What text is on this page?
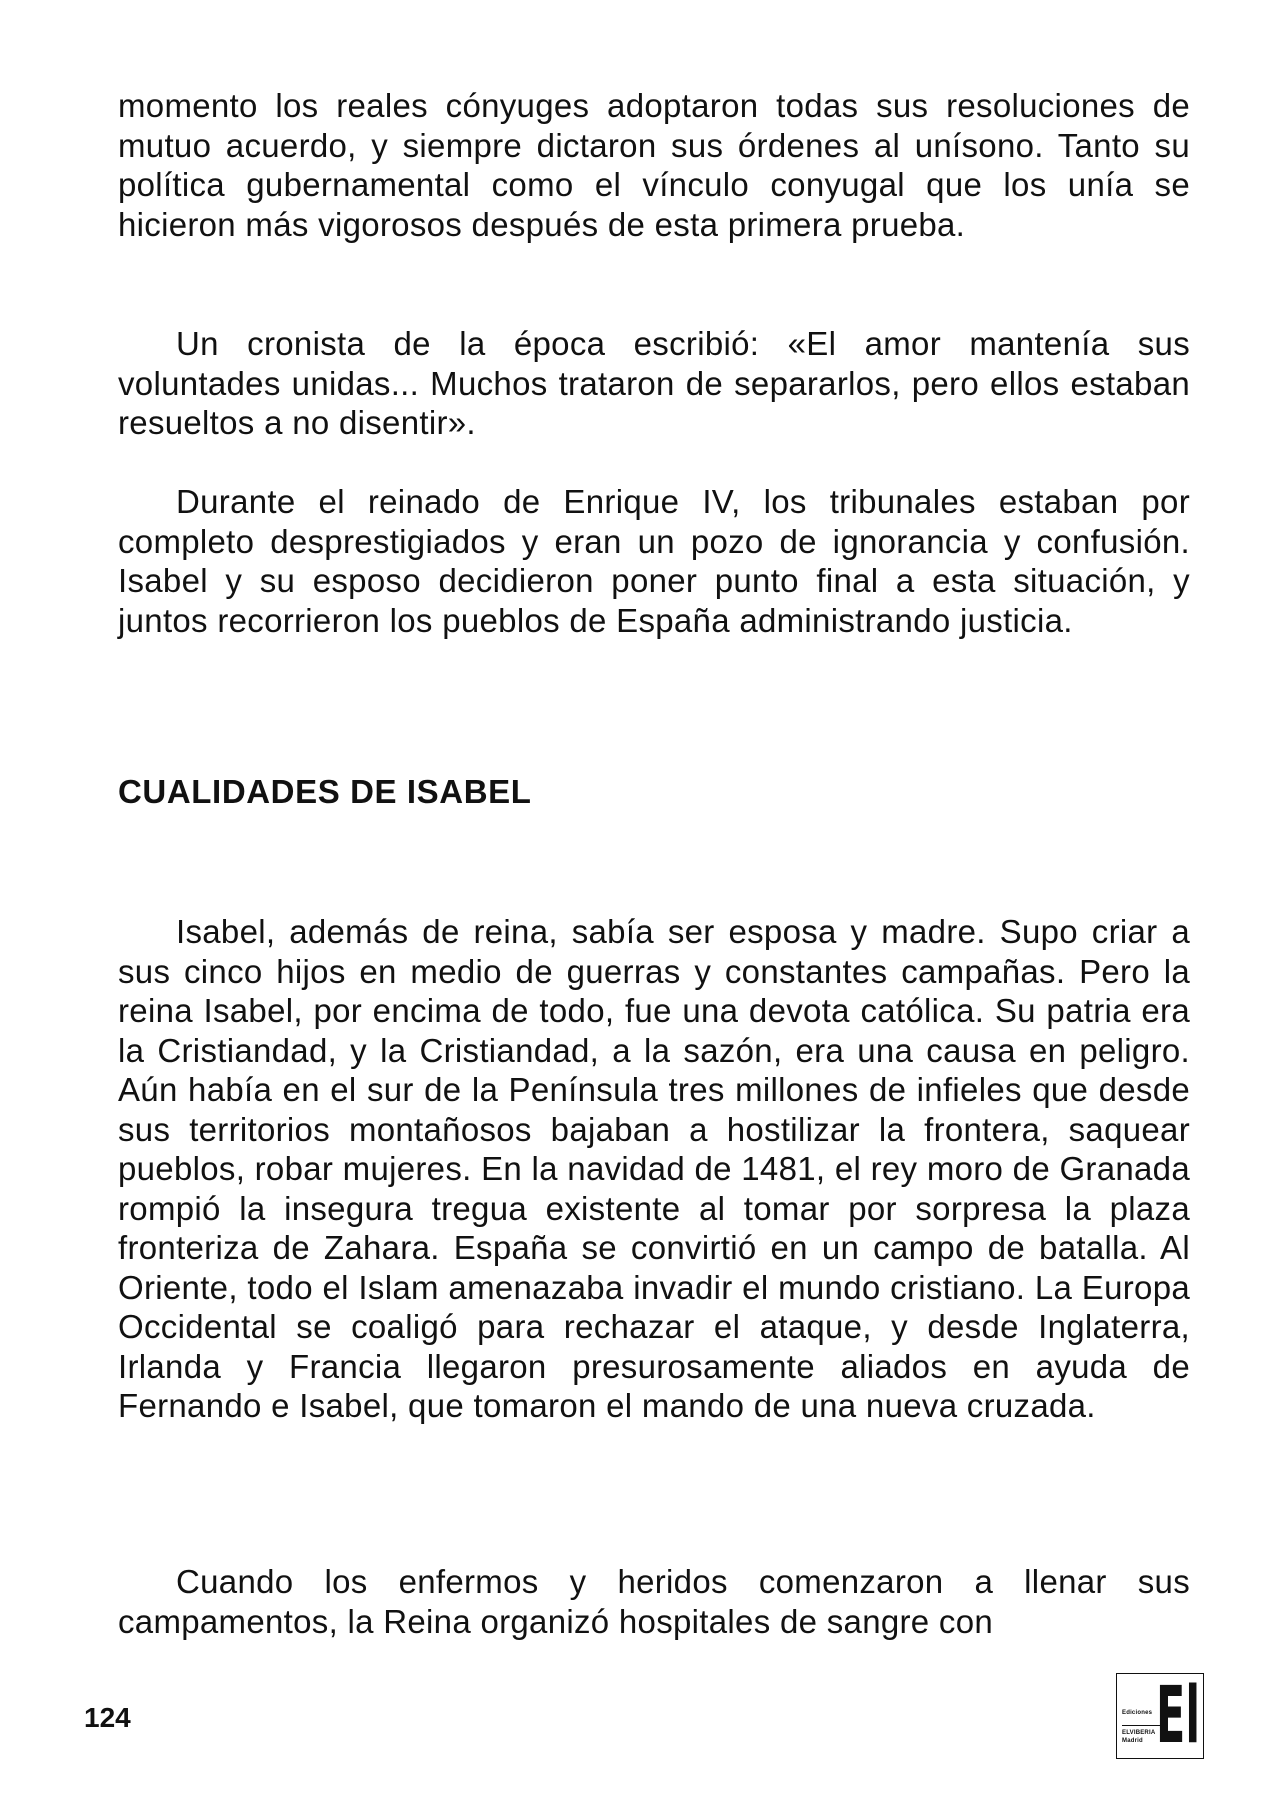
momento los reales cónyuges adoptaron todas sus resoluciones de mutuo acuerdo, y siempre dictaron sus órdenes al unísono. Tanto su política gubernamental como el vínculo conyugal que los unía se hicieron más vigorosos después de esta primera prueba.

Un cronista de la época escribió: «El amor mantenía sus voluntades unidas... Muchos trataron de separarlos, pero ellos estaban resueltos a no disentir».

Durante el reinado de Enrique IV, los tribunales estaban por completo desprestigiados y eran un pozo de ignorancia y confusión. Isabel y su esposo decidieron poner punto final a esta situación, y juntos recorrieron los pueblos de España administrando justicia.

CUALIDADES DE ISABEL

Isabel, además de reina, sabía ser esposa y madre. Supo criar a sus cinco hijos en medio de guerras y constantes campañas. Pero la reina Isabel, por encima de todo, fue una devota católica. Su patria era la Cristiandad, y la Cristiandad, a la sazón, era una causa en peligro. Aún había en el sur de la Península tres millones de infieles que desde sus territorios montañosos bajaban a hostilizar la frontera, saquear pueblos, robar mujeres. En la navidad de 1481, el rey moro de Granada rompió la insegura tregua existente al tomar por sorpresa la plaza fronteriza de Zahara. España se convirtió en un campo de batalla. Al Oriente, todo el Islam amenazaba invadir el mundo cristiano. La Europa Occidental se coaligó para rechazar el ataque, y desde Inglaterra, Irlanda y Francia llegaron presurosamente aliados en ayuda de Fernando e Isabel, que tomaron el mando de una nueva cruzada.

Cuando los enfermos y heridos comenzaron a llenar sus campamentos, la Reina organizó hospitales de sangre con

124	Ediciones
ELVIBERIA
Madrid El
